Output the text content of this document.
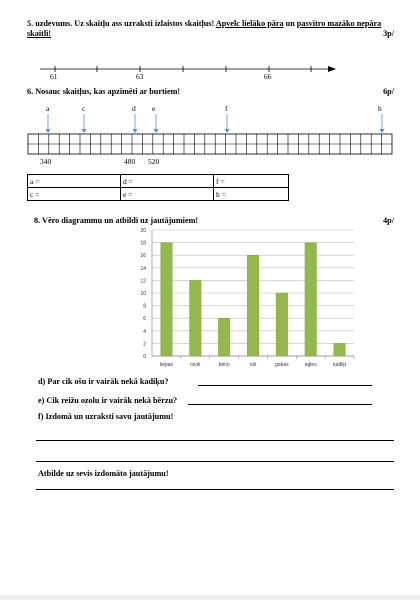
5. uzdevums. Uz skaitļu ass uzraksti izlaistos skaitļus! Apvelc lielāko pāra un pasvītro mazāko nepāra
skaitli!	3p/
61	63	66
6. Nosauc skaitļus, kas apzīmēti ar burtiem!	6p/
a	c	d e	f	h
340	480 520
a =	d =	f =
c =	e =	h =
8. Vēro diagrammu un atbildi uz jautājumiem!	4p/
0
2
4
6
8
10
12
14
16
18
20
liepas	ozoli	bērzi	oši	gobas	egles	kadiķi
d) Par cik ošu ir vairāk nekā kadiķu?
e) Cik reižu ozolu ir vairāk nekā bērzu?
f) Izdomā un uzraksti savu jautājumu!
Atbilde uz sevis izdomāto jautājumu!
